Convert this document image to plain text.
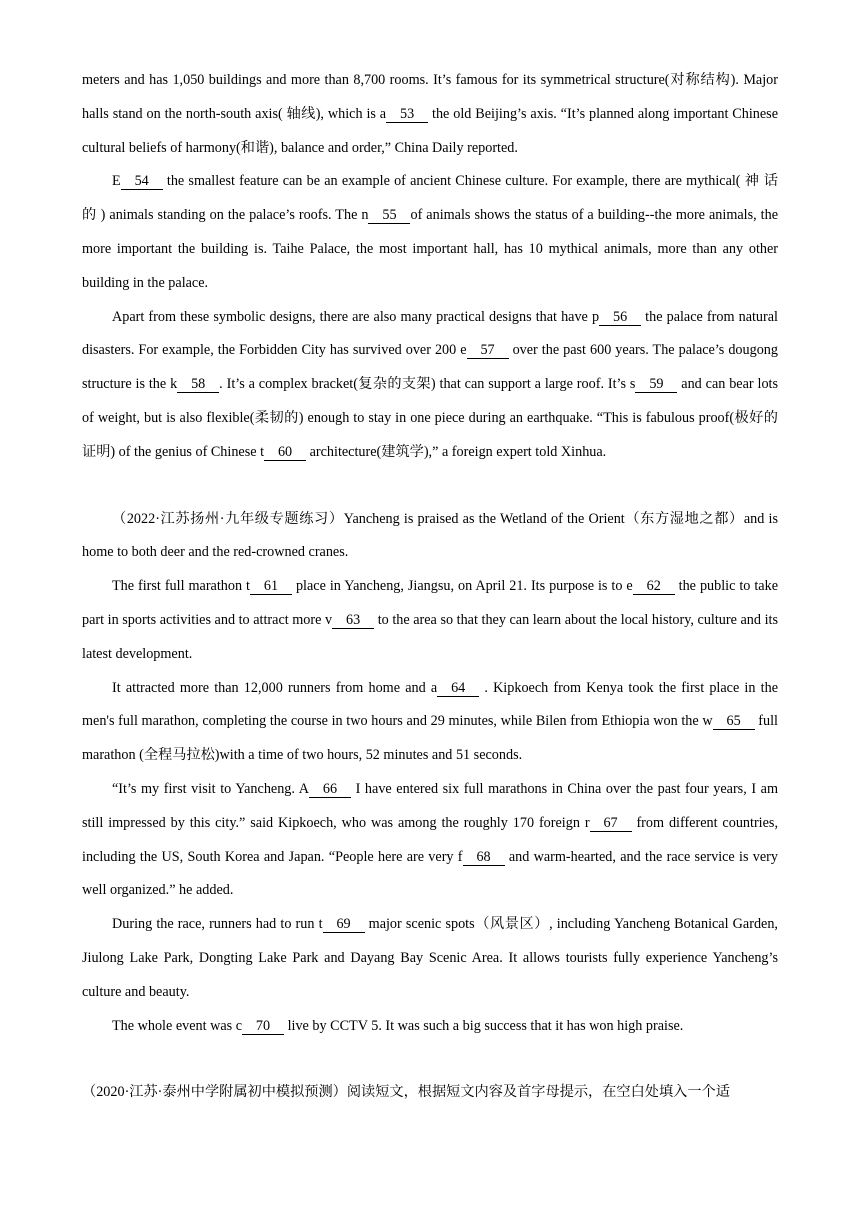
meters and has 1,050 buildings and more than 8,700 rooms. It’s famous for its symmetrical structure(对称结构). Major halls stand on the north-south axis( 轴线), which is a 53 the old Beijing’s axis. “It’s planned along important Chinese cultural beliefs of harmony(和谐), balance and order,” China Daily reported.

E 54 the smallest feature can be an example of ancient Chinese culture. For example, there are mythical( 神 话 的 ) animals standing on the palace’s roofs. The n 55 of animals shows the status of a building--the more animals, the more important the building is. Taihe Palace, the most important hall, has 10 mythical animals, more than any other building in the palace.

Apart from these symbolic designs, there are also many practical designs that have p 56 the palace from natural disasters. For example, the Forbidden City has survived over 200 e 57 over the past 600 years. The palace’s dougong structure is the k 58 . It’s a complex bracket(复杂的支架) that can support a large roof. It’s s 59 and can bear lots of weight, but is also flexible(柔韧的) enough to stay in one piece during an earthquake. “This is fabulous proof(极好的证明) of the genius of Chinese t 60 architecture(建筑学),” a foreign expert told Xinhua.

（2022·江苏扬州·九年级专题练习）Yancheng is praised as the Wetland of the Orient（东方湿地之都）and is home to both deer and the red-crowned cranes.

The first full marathon t 61 place in Yancheng, Jiangsu, on April 21. Its purpose is to e 62 the public to take part in sports activities and to attract more v 63 to the area so that they can learn about the local history, culture and its latest development.

It attracted more than 12,000 runners from home and a 64 . Kipkoech from Kenya took the first place in the men's full marathon, completing the course in two hours and 29 minutes, while Bilen from Ethiopia won the w 65 full marathon (全程马拉松)with a time of two hours, 52 minutes and 51 seconds.

“It’s my first visit to Yancheng. A 66 I have entered six full marathons in China over the past four years, I am still impressed by this city.” said Kipkoech, who was among the roughly 170 foreign r 67 from different countries, including the US, South Korea and Japan. “People here are very f 68 and warm-hearted, and the race service is very well organized.” he added.

During the race, runners had to run t 69 major scenic spots（风景区）, including Yancheng Botanical Garden, Jiulong Lake Park, Dongting Lake Park and Dayang Bay Scenic Area. It allows tourists fully experience Yancheng’s culture and beauty.

The whole event was c 70 live by CCTV 5. It was such a big success that it has won high praise.

（2020·江苏·泰州中学附属初中模拟预测）阅读短文，根据短文内容及首字母提示，在空白处填入一个适
